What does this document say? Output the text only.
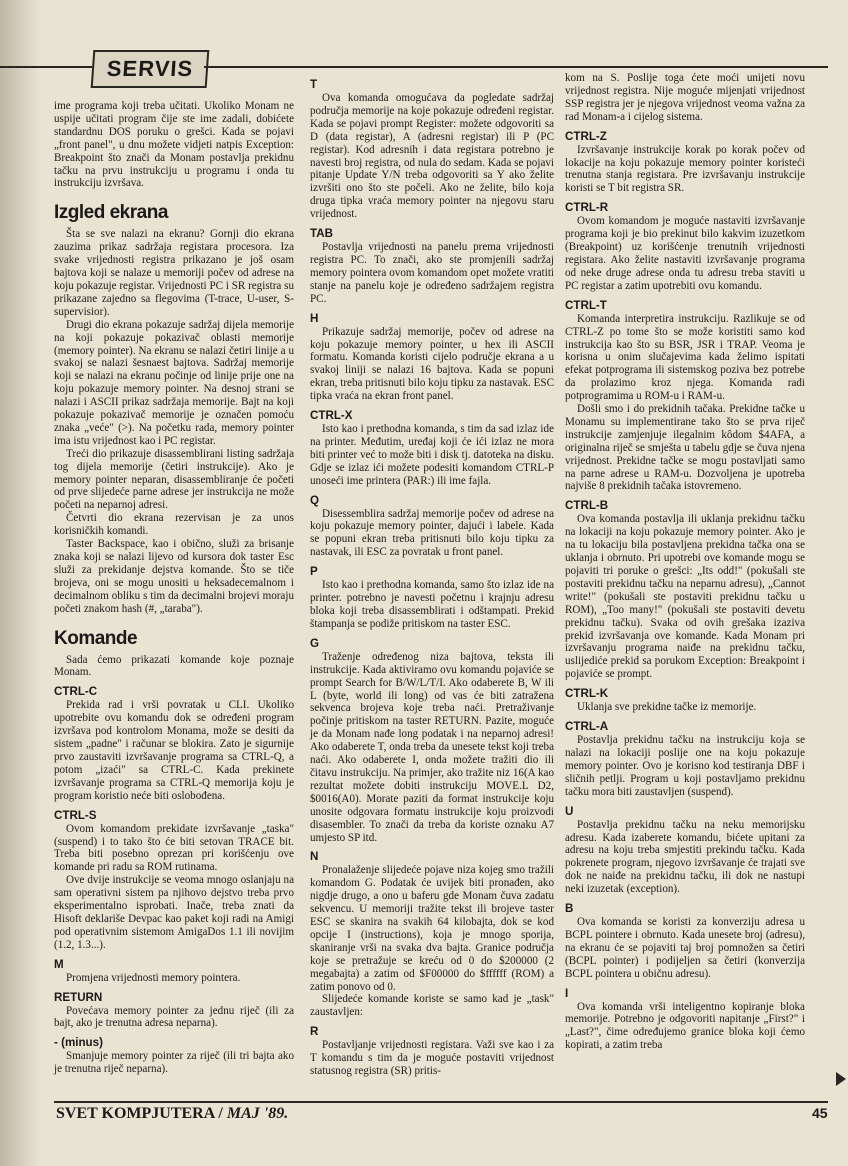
SERVIS

ime programa koji treba učitati. Ukoliko Monam ne uspije učitati program čije ste ime zadali, dobićete standardnu DOS poruku o grešci. Kada se pojavi „front panel", u dnu možete vidjeti natpis Exception: Breakpoint što znači da Monam postavlja prekidnu tačku na prvu instrukciju u programu i onda tu instrukciju izvršava.

Izgled ekrana

Šta se sve nalazi na ekranu? Gornji dio ekrana zauzima prikaz sadržaja registara procesora. Iza svake vrijednosti registra prikazano je još osam bajtova koji se nalaze u memoriji počev od adrese na koju pokazuje registar. Vrijednosti PC i SR registra su prikazane zajedno sa flegovima (T-trace, U-user, S-supervisior).

Drugi dio ekrana pokazuje sadržaj dijela memorije na koji pokazuje pokazivač oblasti memorije (memory pointer). Na ekranu se nalazi četiri linije a u svakoj se nalazi šesnaest bajtova. Sadržaj memorije koji se nalazi na ekranu počinje od linije prije one na koju pokazuje memory pointer. Na desnoj strani se nalazi i ASCII prikaz sadržaja memorije. Bajt na koji pokazuje pokazivač memorije je označen pomoću znaka „veće" (>). Na početku rada, memory pointer ima istu vrijednost kao i PC registar.

Treći dio prikazuje disassemblirani listing sadržaja tog dijela memorije (četiri instrukcije). Ako je memory pointer neparan, disassembliranje će početi od prve slijedeće parne adrese jer instrukcija ne može početi na neparnoj adresi.

Četvrti dio ekrana rezervisan je za unos korisničkih komandi.

Taster Backspace, kao i obično, služi za brisanje znaka koji se nalazi lijevo od kursora dok taster Esc služi za prekidanje dejstva komande. Što se tiče brojeva, oni se mogu unositi u heksadecemalnom i decimalnom obliku s tim da decimalni brojevi moraju početi znakom hash (#, „taraba").

Komande

Sada ćemo prikazati komande koje poznaje Monam.

CTRL-C

Prekida rad i vrši povratak u CLI. Ukoliko upotrebite ovu komandu dok se određeni program izvršava pod kontrolom Monama, može se desiti da sistem „padne" i računar se blokira. Zato je sigurnije prvo zaustaviti izvršavanje programa sa CTRL-Q, a potom „izaći" sa CTRL-C. Kada prekinete izvršavanje programa sa CTRL-Q memorija koju je program koristio neće biti oslobođena.

CTRL-S

Ovom komandom prekidate izvršavanje „taska" (suspend) i to tako što će biti setovan TRACE bit. Treba biti posebno oprezan pri korišćenju ove komande pri radu sa ROM rutinama.

Ove dvije instrukcije se veoma mnogo oslanjaju na sam operativni sistem pa njihovo dejstvo treba prvo eksperimentalno isprobati. Inače, treba znati da Hisoft deklariše Devpac kao paket koji radi na Amigi pod operativnim sistemom AmigaDos 1.1 ili novijim (1.2, 1.3...).

M

Promjena vrijednosti memory pointera.

RETURN

Povećava memory pointer za jednu riječ (ili za bajt, ako je trenutna adresa neparna).

- (minus)

Smanjuje memory pointer za riječ (ili tri bajta ako je trenutna riječ neparna).

T

Ova komanda omogućava da pogledate sadržaj područja memorije na koje pokazuje određeni registar. Kada se pojavi prompt Register: možete odgovoriti sa D (data registar), A (adresni registar) ili P (PC registar). Kod adresnih i data registara potrebno je navesti broj registra, od nula do sedam. Kada se pojavi pitanje Update Y/N treba odgovoriti sa Y ako želite izvršiti ono što ste počeli. Ako ne želite, bilo koja druga tipka vraća memory pointer na njegovu staru vrijednost.

TAB

Postavlja vrijednosti na panelu prema vrijednosti registra PC. To znači, ako ste promjenili sadržaj memory pointera ovom komandom opet možete vratiti stanje na panelu koje je određeno sadržajem registra PC.

H

Prikazuje sadržaj memorije, počev od adrese na koju pokazuje memory pointer, u hex ili ASCII formatu. Komanda koristi cijelo područje ekrana a u svakoj liniji se nalazi 16 bajtova. Kada se popuni ekran, treba pritisnuti bilo koju tipku za nastavak. ESC tipka vraća na ekran front panel.

CTRL-X

Isto kao i prethodna komanda, s tim da sad izlaz ide na printer. Međutim, uređaj koji će ići izlaz ne mora biti printer već to može biti i disk tj. datoteka na disku. Gdje se izlaz ići možete podesiti komandom CTRL-P unoseći ime printera (PAR:) ili ime fajla.

Q

Disessemblira sadržaj memorije počev od adrese na koju pokazuje memory pointer, dajući i labele. Kada se popuni ekran treba pritisnuti bilo koju tipku za nastavak, ili ESC za povratak u front panel.

P

Isto kao i prethodna komanda, samo što izlaz ide na printer. potrebno je navesti početnu i krajnju adresu bloka koji treba disassemblirati i odštampati. Prekid štampanja se podiže pritiskom na taster ESC.

G

Traženje određenog niza bajtova, teksta ili instrukcije. Kada aktiviramo ovu komandu pojaviće se prompt Search for B/W/L/T/I. Ako odaberete B, W ili L (byte, world ili long) od vas će biti zatražena sekvenca brojeva koje treba naći. Pretraživanje počinje pritiskom na taster RETURN. Pazite, moguće je da Monam nađe long podatak i na neparnoj adresi! Ako odaberete T, onda treba da unesete tekst koji treba naći. Ako odaberete I, onda možete tražiti dio ili čitavu instrukciju. Na primjer, ako tražite niz 16(A kao rezultat možete dobiti instrukciju MOVE.L D2, $0016(A0). Morate paziti da format instrukcije koju unosite odgovara formatu instrukcije koju proizvodi disasembler. To znači da treba da koriste oznaku A7 umjesto SP itd.

N

Pronalaženje slijedeće pojave niza kojeg smo tražili komandom G. Podatak će uvijek biti pronađen, ako nigdje drugo, a ono u baferu gde Monam čuva zadatu sekvencu. U memoriji tražite tekst ili brojeve taster ESC se skanira na svakih 64 kilobajta, dok se kod opcije I (instructions), koja je mnogo sporija, skaniranje vrši na svaka dva bajta. Granice područja koje se pretražuje se kreću od 0 do $200000 (2 megabajta) a zatim od $F00000 do $ffffff (ROM) a zatim ponovo od 0.

Slijedeće komande koriste se samo kad je „task" zaustavljen:

R

Postavljanje vrijednosti registara. Važi sve kao i za T komandu s tim da je moguće postaviti vrijednost statusnog registra (SR) pritis-

kom na S. Poslije toga ćete moći unijeti novu vrijednost registra. Nije moguće mijenjati vrijednost SSP registra jer je njegova vrijednost veoma važna za rad Monam-a i cijelog sistema.

CTRL-Z

Izvršavanje instrukcije korak po korak počev od lokacije na koju pokazuje memory pointer koristeći trenutna stanja registara. Pre izvršavanju instrukcije koristi se T bit registra SR.

CTRL-R

Ovom komandom je moguće nastaviti izvršavanje programa koji je bio prekinut bilo kakvim izuzetkom (Breakpoint) uz korišćenje trenutnih vrijednosti registara. Ako želite nastaviti izvršavanje programa od neke druge adrese onda tu adresu treba staviti u PC registar a zatim upotrebiti ovu komandu.

CTRL-T

Komanda interpretira instrukciju. Razlikuje se od CTRL-Z po tome što se može koristiti samo kod instrukcija kao što su BSR, JSR i TRAP. Veoma je korisna u onim slučajevima kada želimo ispitati efekat potprograma ili sistemskog poziva bez potrebe da prolazimo kroz njega. Komanda radi potprogramima u ROM-u i RAM-u.

Došli smo i do prekidnih tačaka. Prekidne tačke u Monamu su implementirane tako što se prva riječ instrukcije zamjenjuje ilegalnim kôdom $4AFA, a originalna riječ se smješta u tabelu gdje se čuva njena vrijednost. Prekidne tačke se mogu postavljati samo na parne adrese u RAM-u. Dozvoljena je upotreba najviše 8 prekidnih tačaka istovremeno.

CTRL-B

Ova komanda postavlja ili uklanja prekidnu tačku na lokaciji na koju pokazuje memory pointer. Ako je na tu lokaciju bila postavljena prekidna tačka ona se uklanja i obrnuto. Pri upotrebi ove komande mogu se pojaviti tri poruke o grešci: „Its odd!" (pokušali ste postaviti prekidnu tačku na neparnu adresu), „Cannot write!" (pokušali ste postaviti prekidnu tačku u ROM), „Too many!" (pokušali ste postaviti devetu prekidnu tačku). Svaka od ovih grešaka izaziva prekid izvršavanja ove komande. Kada Monam pri izvršavanju programa naiđe na prekidnu tačku, uslijediće prekid sa porukom Exception: Breakpoint i pojaviće se prompt.

CTRL-K

Uklanja sve prekidne tačke iz memorije.

CTRL-A

Postavlja prekidnu tačku na instrukciju koja se nalazi na lokaciji poslije one na koju pokazuje memory pointer. Ovo je korisno kod testiranja DBF i sličnih petlji. Program u koji postavljamo prekidnu tačku mora biti zaustavljen (suspend).

U

Postavlja prekidnu tačku na neku memorijsku adresu. Kada izaberete komandu, bićete upitani za adresu na koju treba smjestiti prekindu tačku. Kada pokrenete program, njegovo izvršavanje će trajati sve dok ne naiđe na prekidnu tačku, ili dok ne nastupi neki izuzetak (exception).

B

Ova komanda se koristi za konverziju adresa u BCPL pointere i obrnuto. Kada unesete broj (adresu), na ekranu će se pojaviti taj broj pomnožen sa četiri (BCPL pointer) i podijeljen sa četiri (konverzija BCPL pointera u običnu adresu).

I

Ova komanda vrši inteligentno kopiranje bloka memorije. Potrebno je odgovoriti napitanje „First?" i „Last?", čime određujemo granice bloka koji ćemo kopirati, a zatim treba

SVET KOMPJUTERA / MAJ '89.	45
